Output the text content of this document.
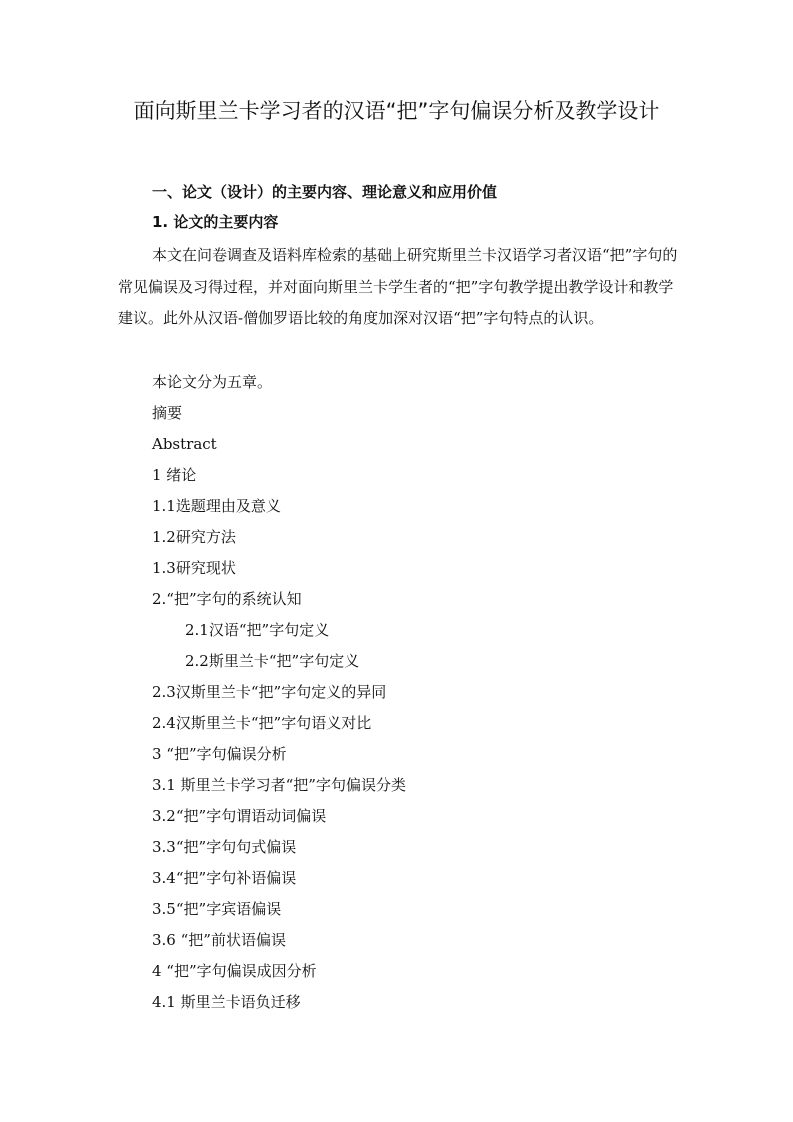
面向斯里兰卡学习者的汉语“把”字句偏误分析及教学设计
一、论文（设计）的主要内容、理论意义和应用价值
1. 论文的主要内容

本文在问卷调查及语料库检索的基础上研究斯里兰卡汉语学习者汉语“把”字句的常见偏误及习得过程，并对面向斯里兰卡学生者的“把”字句教学提出教学设计和教学建议。此外从汉语-僧伽罗语比较的角度加深对汉语“把”字句特点的认识。

本论文分为五章。

摘要

Abstract

1 绪论

1.1选题理由及意义

1.2研究方法

1.3研究现状

2.“把”字句的系统认知

2.1汉语“把”字句定义

2.2斯里兰卡“把”字句定义

2.3汉斯里兰卡“把”字句定义的异同

2.4汉斯里兰卡“把”字句语义对比

3 “把”字句偏误分析

3.1 斯里兰卡学习者“把”字句偏误分类

3.2“把”字句谓语动词偏误

3.3“把”字句句式偏误

3.4“把”字句补语偏误

3.5“把”字宾语偏误

3.6 “把”前状语偏误

4 “把”字句偏误成因分析

4.1 斯里兰卡语负迁移
